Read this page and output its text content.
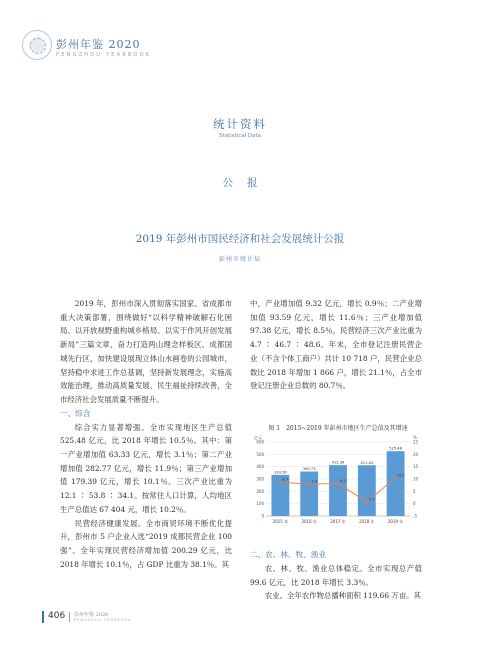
彭州年鉴 2020
PENGZHOU YEARBOOK
统计资料
Statistical Data
公报
2019 年彭州市国民经济和社会发展统计公报
彭州市统计局

2019 年，彭州市深入贯彻落实国家、省成都市重大决策部署，围绕做好“以科学精神破解石化困局、以开放视野重构城乡格局、以实干作风开创发展新局”三篇文章，奋力打造两山理念样板区、成都国城先行区，加快建设展现立体山水画卷的公园城市，坚持稳中求进工作总基调，坚持新发展理念，实施高效能治理，推动高质量发展、民生福祉持续改善，全市经济社会发展质量不断提升。

一、综合

综合实力显著增强。全市实现地区生产总值 525.48 亿元，比 2018 年增长 10.5％。其中：第一产业增加值 63.33 亿元，增长 3.1％；第二产业增加值 282.77 亿元，增长 11.9％；第三产业增加值 179.39 亿元，增长 10.1％。三次产业比重为 12.1 ∶ 53.8 ∶ 34.1。按常住人口计算，人均地区生产总值达 67 404 元，增长 10.2％。

民营经济健康发展。全市商贸环境不断优化提升，彭州市 5 户企业入选“2019 成都民营企业 100 强”。全年实现民营经济增加值 200.29 亿元，比 2018 年增长 10.1％，占 GDP 比重为 38.1％。其

中，产业增加值 9.32 亿元，增长 0.9％；二产业增加值 93.59 亿元，增长 11.6％；三产业增加值 97.38 亿元，增长 8.5％。民营经济三次产业比重为 4.7 ∶ 46.7 ∶ 48.6。年末，全市登记注册民营企业（不含个体工商户）共计 10 718 户，民营企业总数比 2018 年增加 1 866 户，增长 21.1％，占全市登记注册企业总数的 80.7％。

图 1　2015~2019 年彭州市地区生产总值及其增速
0
100
200
300
400
500
600
-5
0
5
10
15
20
25
亿元	%
333.56
2015 年
360.73
2016 年
412.36
2017 年
411.43
2018 年
525.48
2019 年
8.7	7.9	8.2
0.7
10.5
二、农、林、牧、渔业

农、林、牧、渔业总体稳定。全市实现总产值 99.6 亿元，比 2018 年增长 3.3％。

农业。全年农作物总播种面积 119.66 万亩。其

406 彭州年鉴 2020
PENGZHOU YEARBOOK
